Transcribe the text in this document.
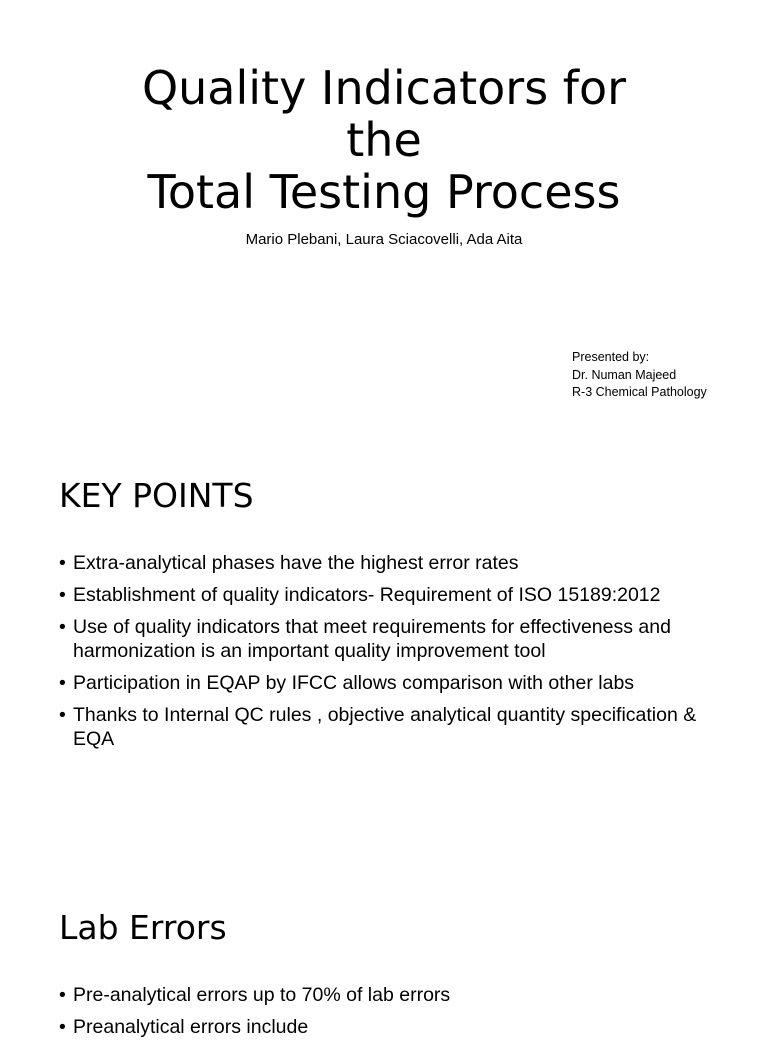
Quality Indicators for
the
Total Testing Process
Mario Plebani, Laura Sciacovelli, Ada Aita
Presented by:
Dr. Numan Majeed
R-3 Chemical Pathology
KEY POINTS
• Extra-analytical phases have the highest error rates
• Establishment of quality indicators- Requirement of ISO 15189:2012
• Use of quality indicators that meet requirements for effectiveness and harmonization is an important quality improvement tool
• Participation in EQAP by IFCC allows comparison with other labs
• Thanks to Internal QC rules , objective analytical quantity specification & EQA
Lab Errors
• Pre-analytical errors up to 70% of lab errors
• Preanalytical errors include
